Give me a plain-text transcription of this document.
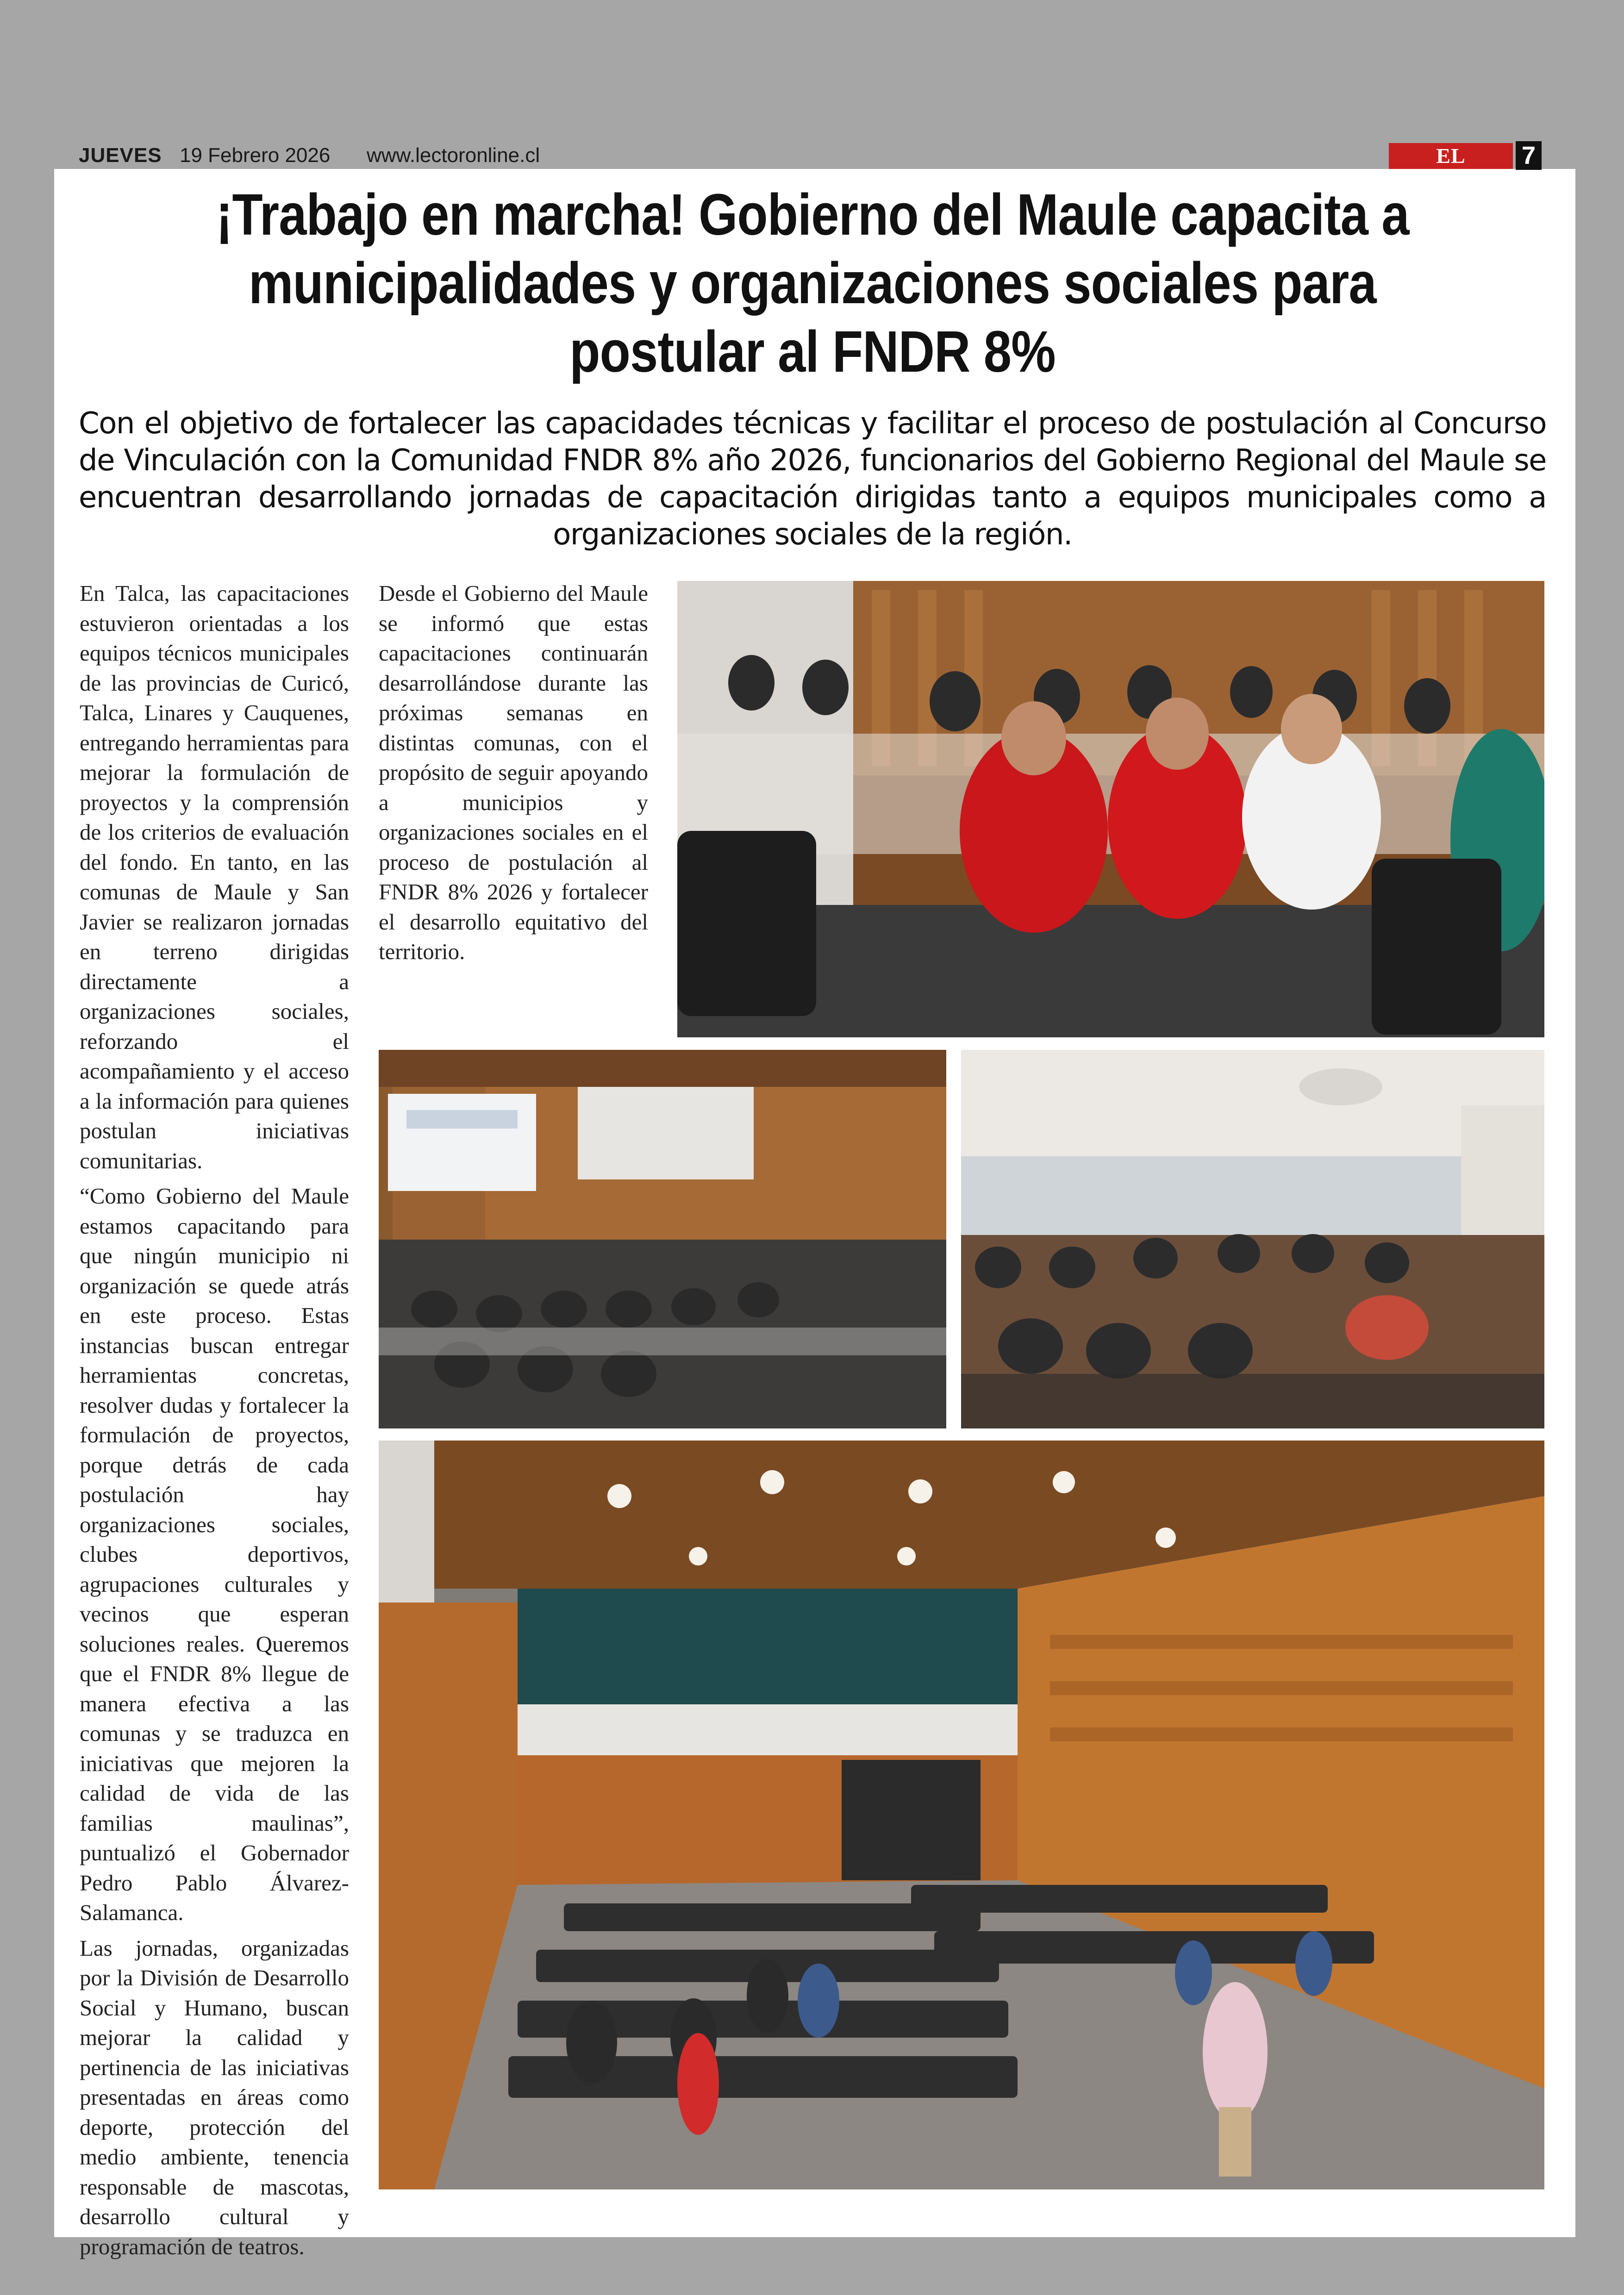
JUEVES 19 Febrero 2026 www.lectoronline.cl	EL LECTOR
7
¡Trabajo en marcha! Gobierno del Maule capacita a municipalidades y organizaciones sociales para postular al FNDR 8%

Con el objetivo de fortalecer las capacidades técnicas y facilitar el proceso de postulación al Concurso de Vinculación con la Comunidad FNDR 8% año 2026, funcionarios del Gobierno Regional del Maule se encuentran desarrollando jornadas de capacitación dirigidas tanto a equipos municipales como a organizaciones sociales de la región.

En Talca, las capacitaciones estuvieron orientadas a los equipos técnicos municipales de las provincias de Curicó, Talca, Linares y Cauquenes, entregando herramientas para mejorar la formulación de proyectos y la comprensión de los criterios de evaluación del fondo. En tanto, en las comunas de Maule y San Javier se realizaron jornadas en terreno dirigidas directamente a organizaciones sociales, reforzando el acompañamiento y el acceso a la información para quienes postulan iniciativas comunitarias.

“Como Gobierno del Maule estamos capacitando para que ningún municipio ni organización se quede atrás en este proceso. Estas instancias buscan entregar herramientas concretas, resolver dudas y fortalecer la formulación de proyectos, porque detrás de cada postulación hay organizaciones sociales, clubes deportivos, agrupaciones culturales y vecinos que esperan soluciones reales. Queremos que el FNDR 8% llegue de manera efectiva a las comunas y se traduzca en iniciativas que mejoren la calidad de vida de las familias maulinas”, puntualizó el Gobernador Pedro Pablo Álvarez-Salamanca.

Las jornadas, organizadas por la División de Desarrollo Social y Humano, buscan mejorar la calidad y pertinencia de las iniciativas presentadas en áreas como deporte, protección del medio ambiente, tenencia responsable de mascotas, desarrollo cultural y programación de teatros.

Desde el Gobierno del Maule se informó que estas capacitaciones continuarán desarrollándose durante las próximas semanas en distintas comunas, con el propósito de seguir apoyando a municipios y organizaciones sociales en el proceso de postulación al FNDR 8% 2026 y fortalecer el desarrollo equitativo del territorio.
